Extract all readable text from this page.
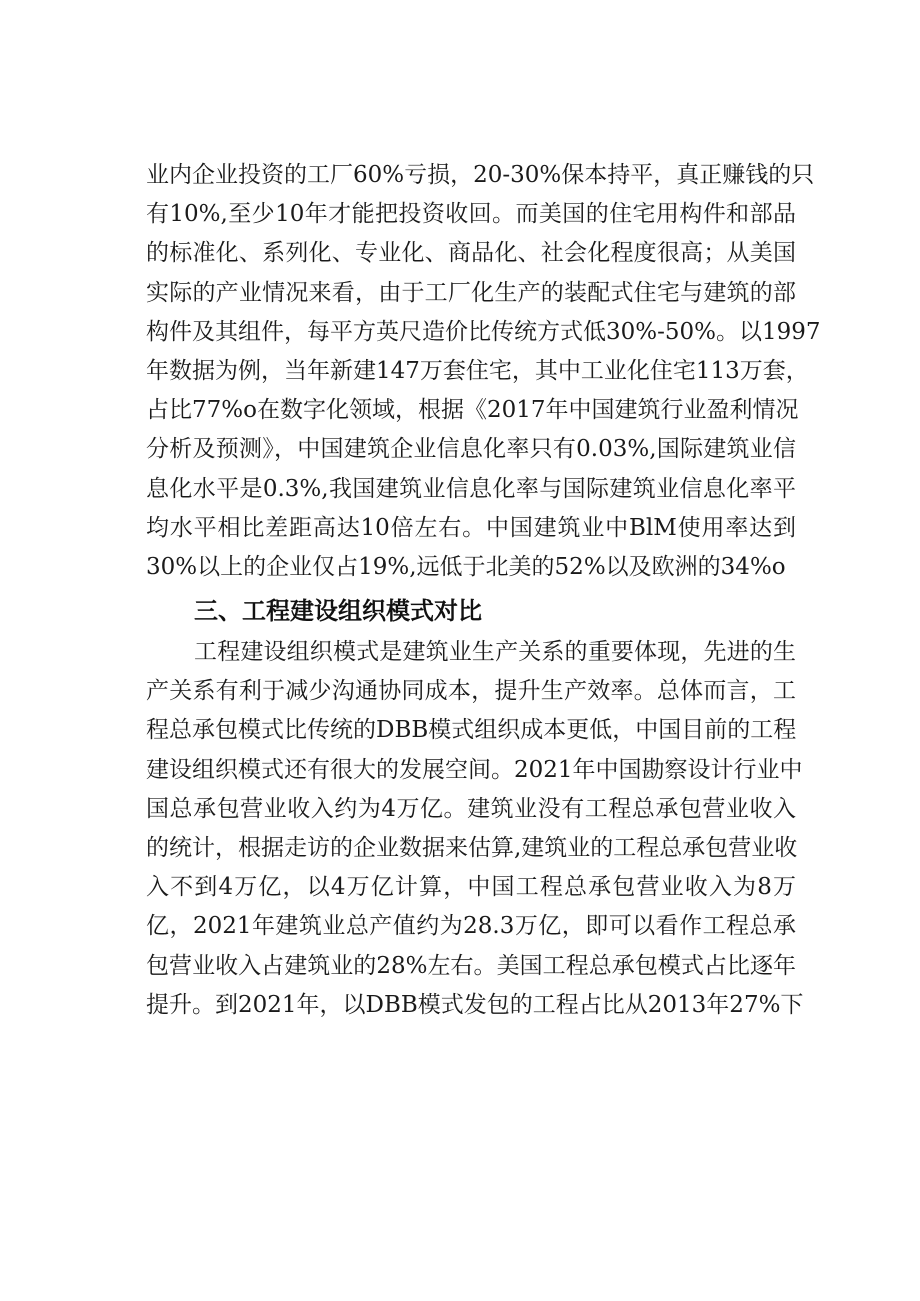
业内企业投资的工厂60%亏损，20-30%保本持平，真正赚钱的只
有10%,至少10年才能把投资收回。而美国的住宅用构件和部品
的标准化、系列化、专业化、商品化、社会化程度很高；从美国
实际的产业情况来看，由于工厂化生产的装配式住宅与建筑的部
构件及其组件，每平方英尺造价比传统方式低30%-50%。以1997
年数据为例，当年新建147万套住宅，其中工业化住宅113万套，
占比77%o在数字化领域，根据《2017年中国建筑行业盈利情况
分析及预测》，中国建筑企业信息化率只有0.03%,国际建筑业信
息化水平是0.3%,我国建筑业信息化率与国际建筑业信息化率平
均水平相比差距高达10倍左右。中国建筑业中BlM使用率达到
30%以上的企业仅占19%,远低于北美的52%以及欧洲的34%o
三、工程建设组织模式对比
工程建设组织模式是建筑业生产关系的重要体现，先进的生
产关系有利于减少沟通协同成本，提升生产效率。总体而言，工
程总承包模式比传统的DBB模式组织成本更低，中国目前的工程
建设组织模式还有很大的发展空间。2021年中国勘察设计行业中
国总承包营业收入约为4万亿。建筑业没有工程总承包营业收入
的统计，根据走访的企业数据来估算,建筑业的工程总承包营业收
入不到4万亿，以4万亿计算，中国工程总承包营业收入为8万
亿，2021年建筑业总产值约为28.3万亿，即可以看作工程总承
包营业收入占建筑业的28%左右。美国工程总承包模式占比逐年
提升。到2021年，以DBB模式发包的工程占比从2013年27%下
